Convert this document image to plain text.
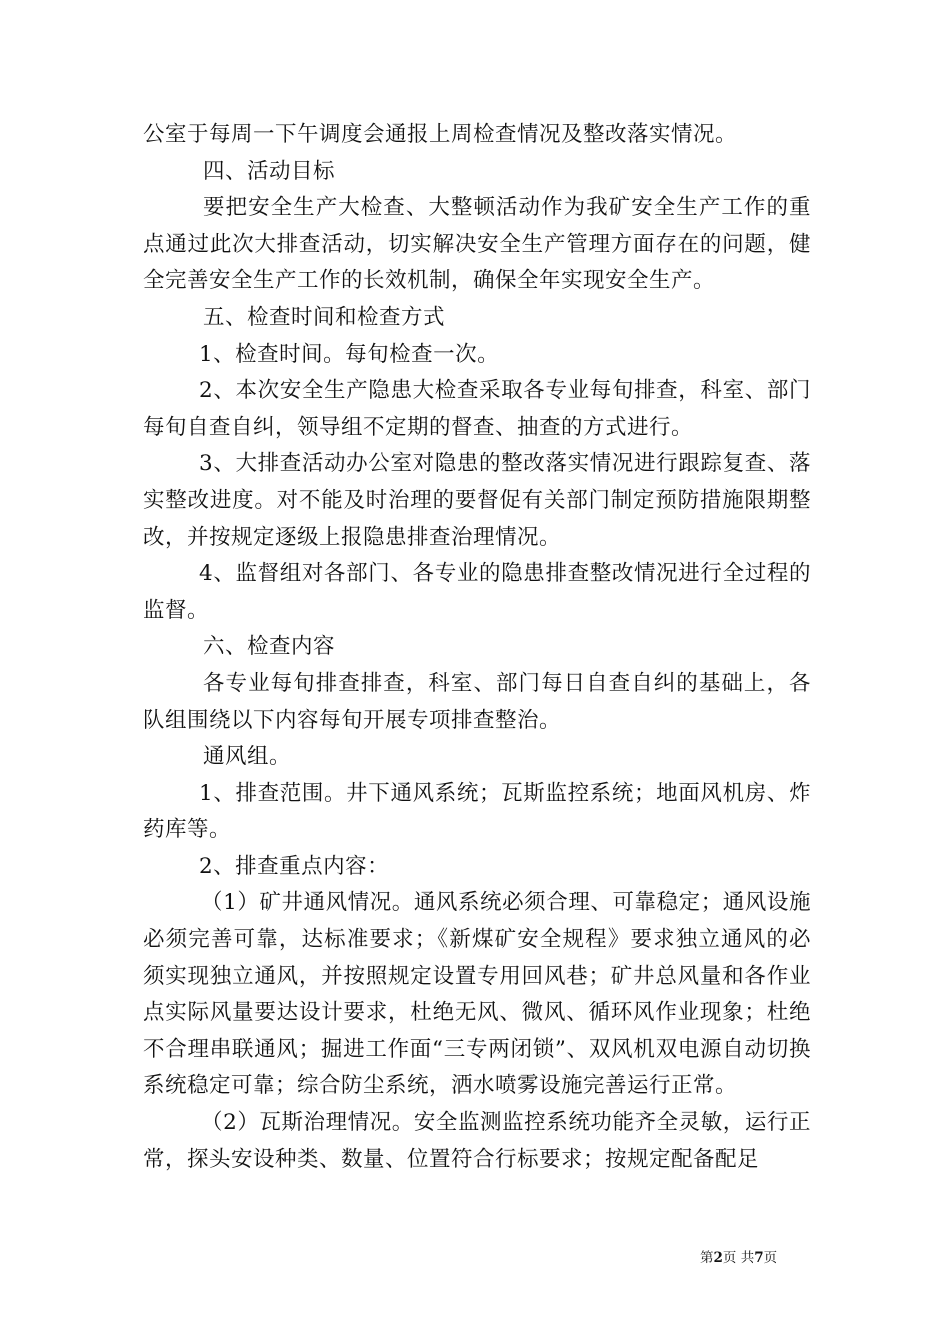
公室于每周一下午调度会通报上周检查情况及整改落实情况。

四、活动目标

要把安全生产大检查、大整顿活动作为我矿安全生产工作的重点通过此次大排查活动，切实解决安全生产管理方面存在的问题，健全完善安全生产工作的长效机制，确保全年实现安全生产。

五、检查时间和检查方式

1、检查时间。每旬检查一次。

2、本次安全生产隐患大检查采取各专业每旬排查，科室、部门每旬自查自纠，领导组不定期的督查、抽查的方式进行。

3、大排查活动办公室对隐患的整改落实情况进行跟踪复查、落实整改进度。对不能及时治理的要督促有关部门制定预防措施限期整改，并按规定逐级上报隐患排查治理情况。

4、监督组对各部门、各专业的隐患排查整改情况进行全过程的监督。

六、检查内容

各专业每旬排查排查，科室、部门每日自查自纠的基础上，各队组围绕以下内容每旬开展专项排查整治。

通风组。

1、排查范围。井下通风系统；瓦斯监控系统；地面风机房、炸药库等。

2、排查重点内容：

（1）矿井通风情况。通风系统必须合理、可靠稳定；通风设施必须完善可靠，达标准要求；《新煤矿安全规程》要求独立通风的必须实现独立通风，并按照规定设置专用回风巷；矿井总风量和各作业点实际风量要达设计要求，杜绝无风、微风、循环风作业现象；杜绝不合理串联通风；掘进工作面“三专两闭锁”、双风机双电源自动切换系统稳定可靠；综合防尘系统，洒水喷雾设施完善运行正常。

（2）瓦斯治理情况。安全监测监控系统功能齐全灵敏，运行正常，探头安设种类、数量、位置符合行标要求；按规定配备配足

第2页 共7页
